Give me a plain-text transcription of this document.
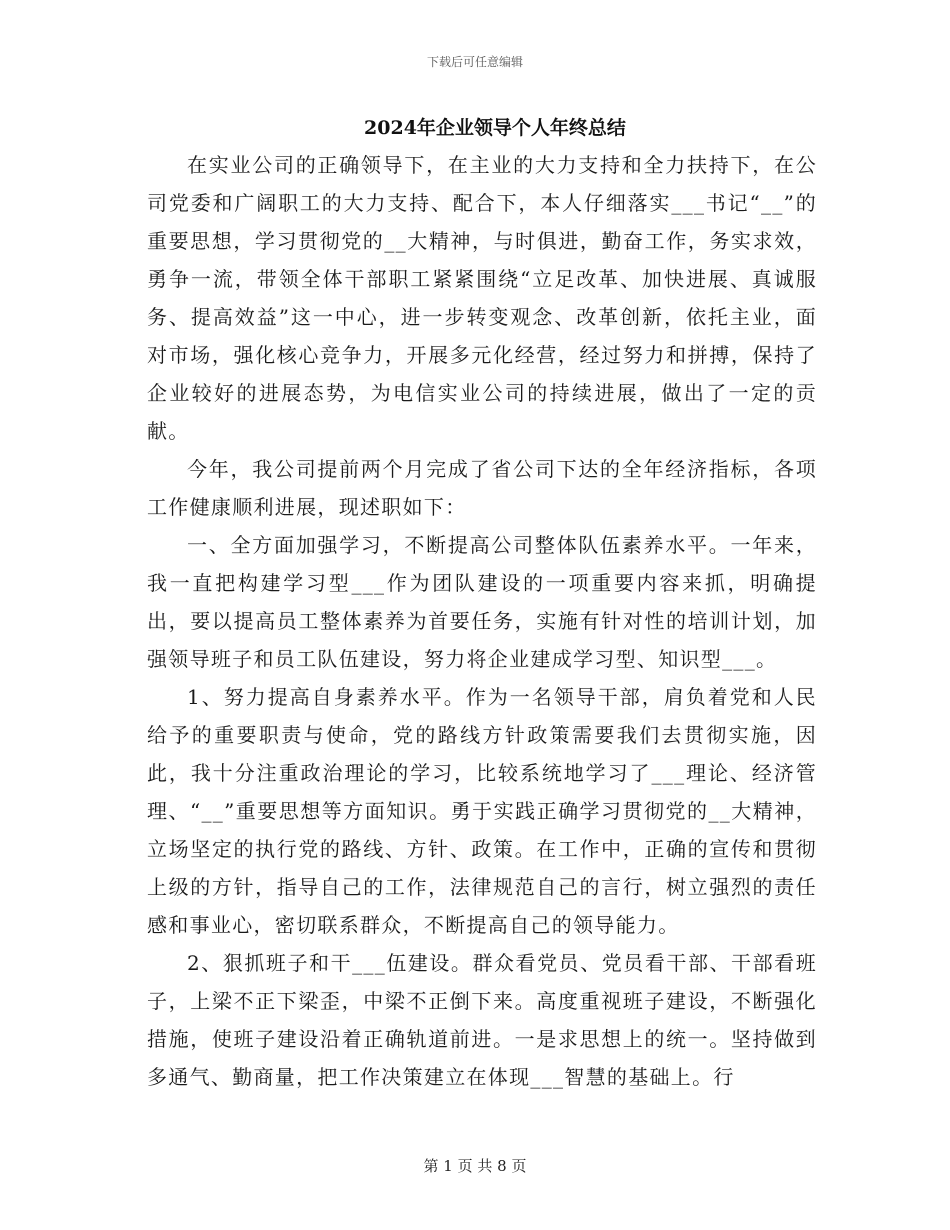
下载后可任意编辑
2024年企业领导个人年终总结

在实业公司的正确领导下，在主业的大力支持和全力扶持下，在公司党委和广阔职工的大力支持、配合下，本人仔细落实___书记“__”的重要思想，学习贯彻党的__大精神，与时俱进，勤奋工作，务实求效，勇争一流，带领全体干部职工紧紧围绕“立足改革、加快进展、真诚服务、提高效益”这一中心，进一步转变观念、改革创新，依托主业，面对市场，强化核心竞争力，开展多元化经营，经过努力和拼搏，保持了企业较好的进展态势，为电信实业公司的持续进展，做出了一定的贡献。

今年，我公司提前两个月完成了省公司下达的全年经济指标，各项工作健康顺利进展，现述职如下：

一、全方面加强学习，不断提高公司整体队伍素养水平。一年来，我一直把构建学习型___作为团队建设的一项重要内容来抓，明确提出，要以提高员工整体素养为首要任务，实施有针对性的培训计划，加强领导班子和员工队伍建设，努力将企业建成学习型、知识型___。

1、努力提高自身素养水平。作为一名领导干部，肩负着党和人民给予的重要职责与使命，党的路线方针政策需要我们去贯彻实施，因此，我十分注重政治理论的学习，比较系统地学习了___理论、经济管理、“__”重要思想等方面知识。勇于实践正确学习贯彻党的__大精神，立场坚定的执行党的路线、方针、政策。在工作中，正确的宣传和贯彻上级的方针，指导自己的工作，法律规范自己的言行，树立强烈的责任感和事业心，密切联系群众，不断提高自己的领导能力。

2、狠抓班子和干___伍建设。群众看党员、党员看干部、干部看班子，上梁不正下梁歪，中梁不正倒下来。高度重视班子建设，不断强化措施，使班子建设沿着正确轨道前进。一是求思想上的统一。坚持做到多通气、勤商量，把工作决策建立在体现___智慧的基础上。行

第 1 页 共 8 页
